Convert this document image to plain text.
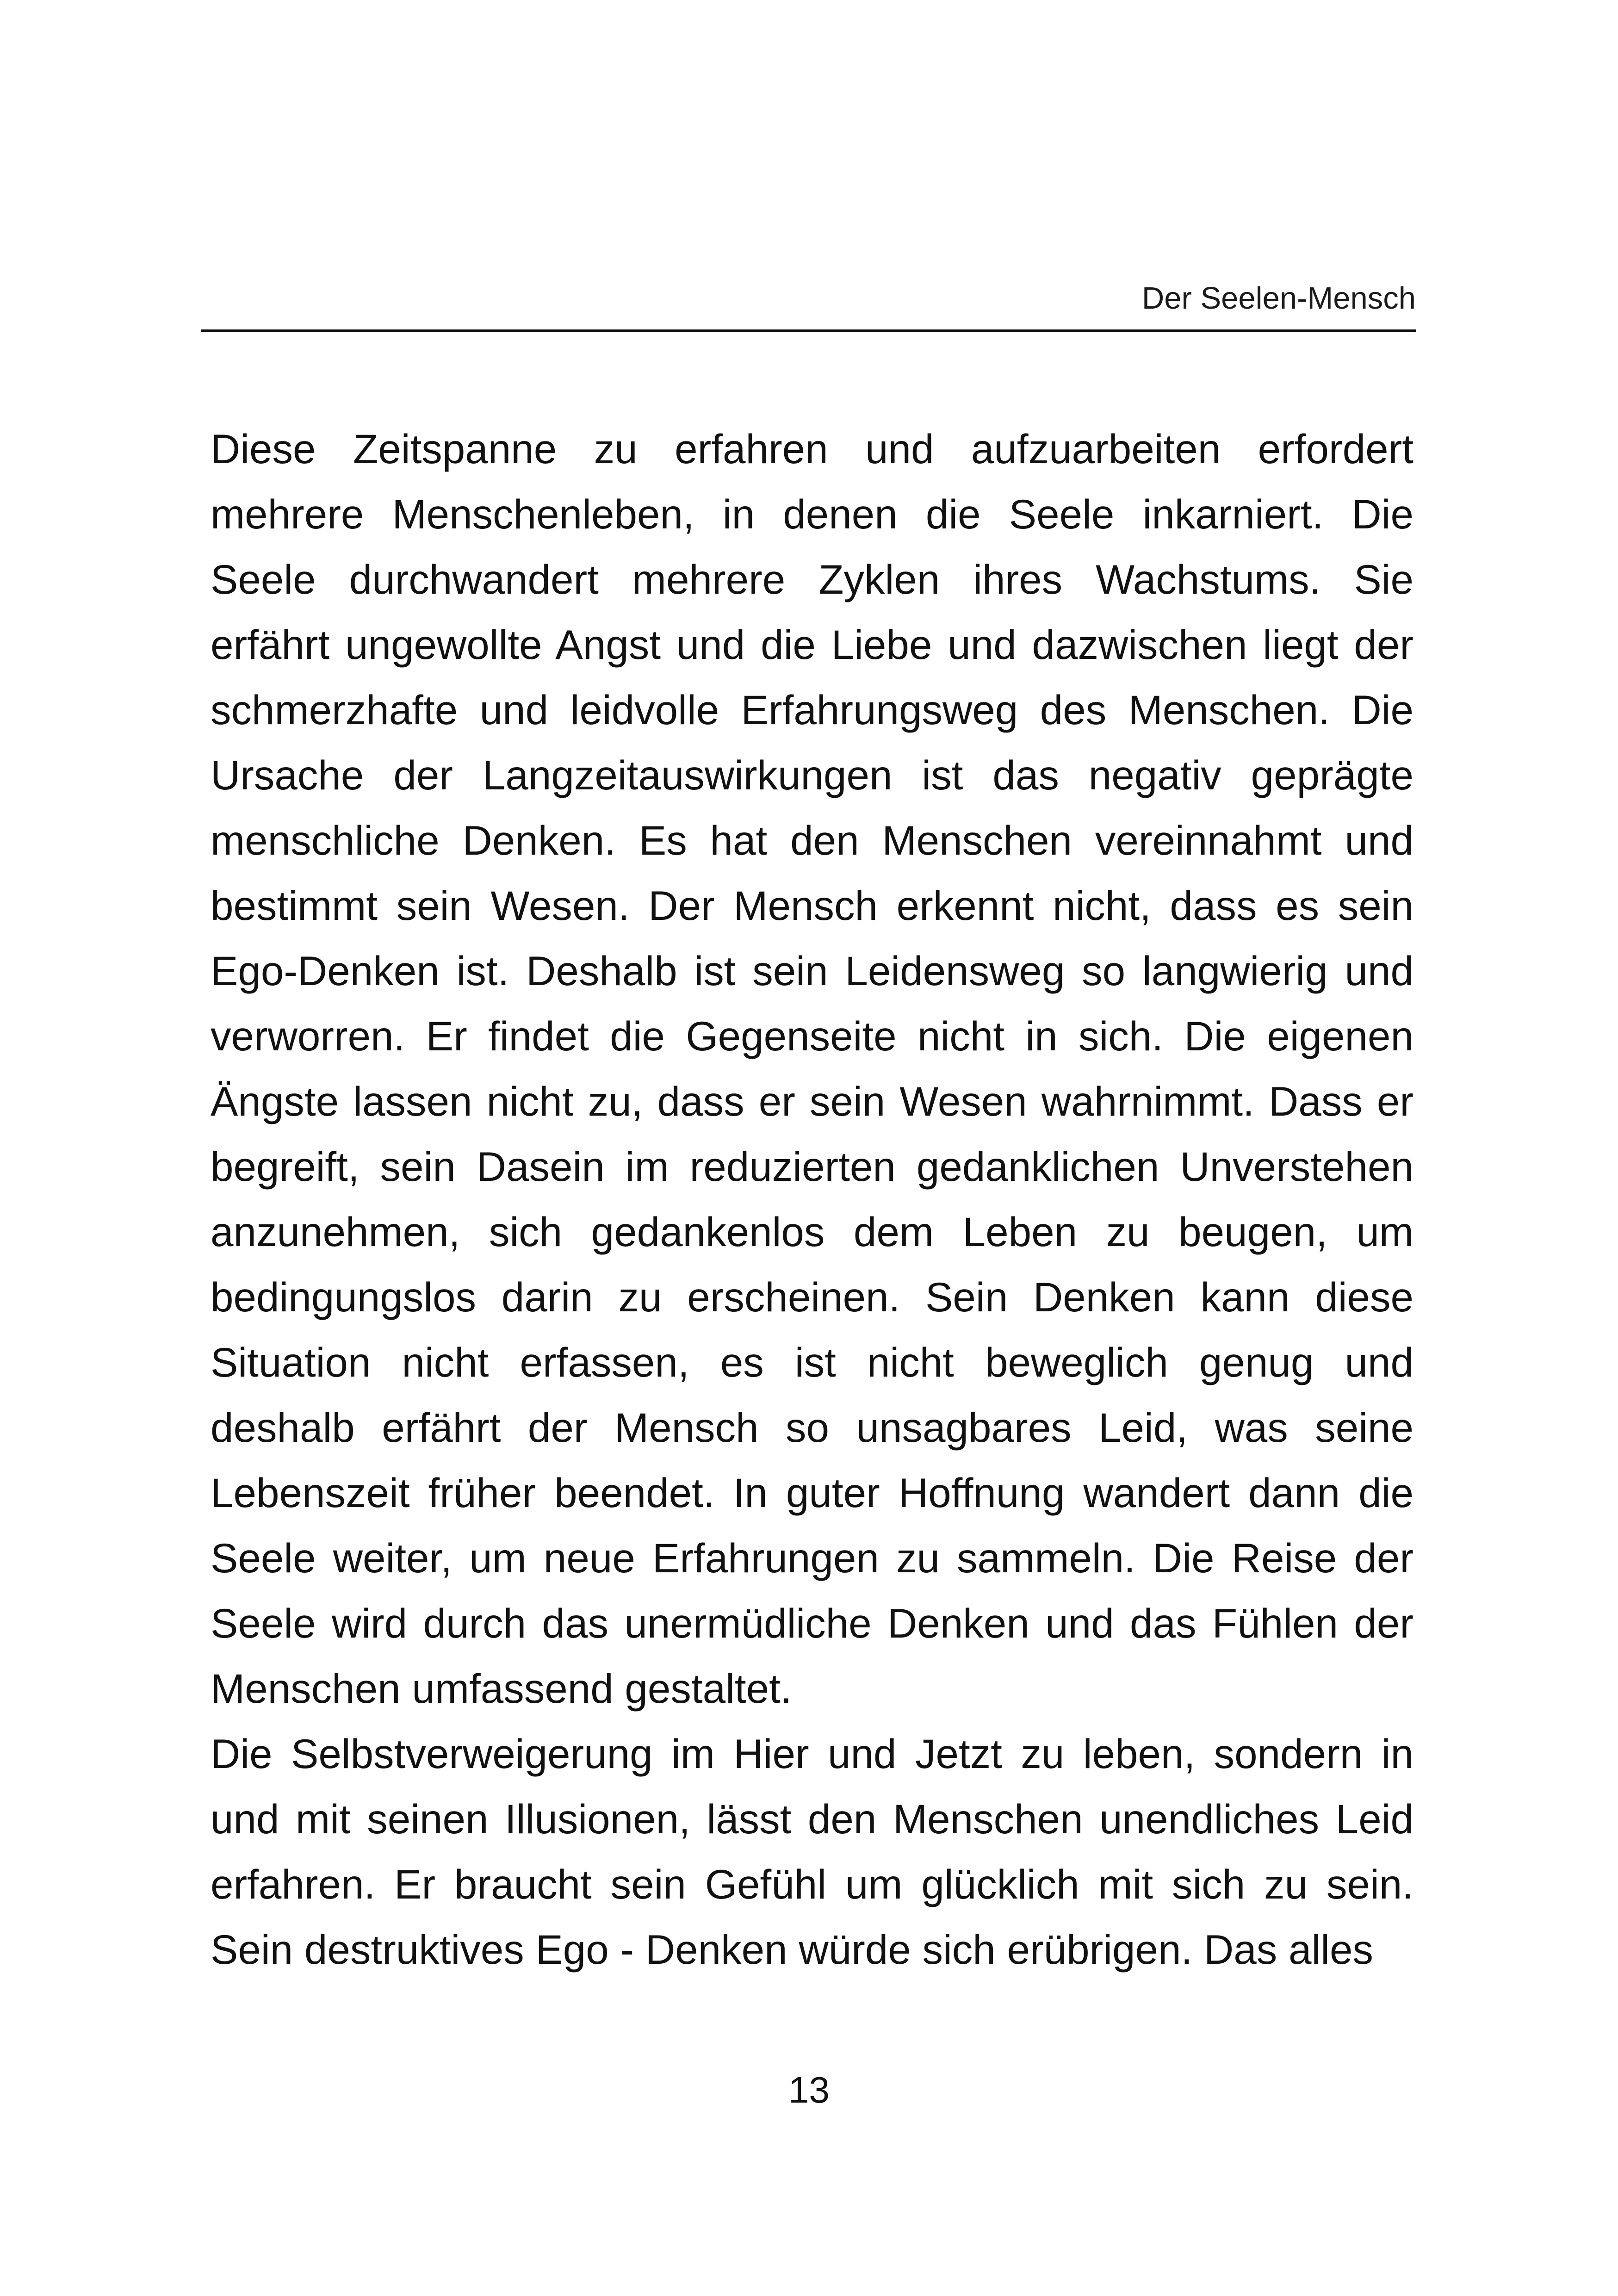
Der Seelen-Mensch
Diese Zeitspanne zu erfahren und aufzuarbeiten erfordert
mehrere Menschenleben, in denen die Seele inkarniert. Die
Seele durchwandert mehrere Zyklen ihres Wachstums. Sie
erfährt ungewollte Angst und die Liebe und dazwischen liegt der
schmerzhafte und leidvolle Erfahrungsweg des Menschen. Die
Ursache der Langzeitauswirkungen ist das negativ geprägte
menschliche Denken. Es hat den Menschen vereinnahmt und
bestimmt sein Wesen. Der Mensch erkennt nicht, dass es sein
Ego-Denken ist. Deshalb ist sein Leidensweg so langwierig und
verworren. Er findet die Gegenseite nicht in sich. Die eigenen
Ängste lassen nicht zu, dass er sein Wesen wahrnimmt. Dass er
begreift, sein Dasein im reduzierten gedanklichen Unverstehen
anzunehmen, sich gedankenlos dem Leben zu beugen, um
bedingungslos darin zu erscheinen. Sein Denken kann diese
Situation nicht erfassen, es ist nicht beweglich genug und
deshalb erfährt der Mensch so unsagbares Leid, was seine
Lebenszeit früher beendet. In guter Hoffnung wandert dann die
Seele weiter, um neue Erfahrungen zu sammeln. Die Reise der
Seele wird durch das unermüdliche Denken und das Fühlen der
Menschen umfassend gestaltet.
Die Selbstverweigerung im Hier und Jetzt zu leben, sondern in
und mit seinen Illusionen, lässt den Menschen unendliches Leid
erfahren. Er braucht sein Gefühl um glücklich mit sich zu sein.
Sein destruktives Ego - Denken würde sich erübrigen. Das alles
13
